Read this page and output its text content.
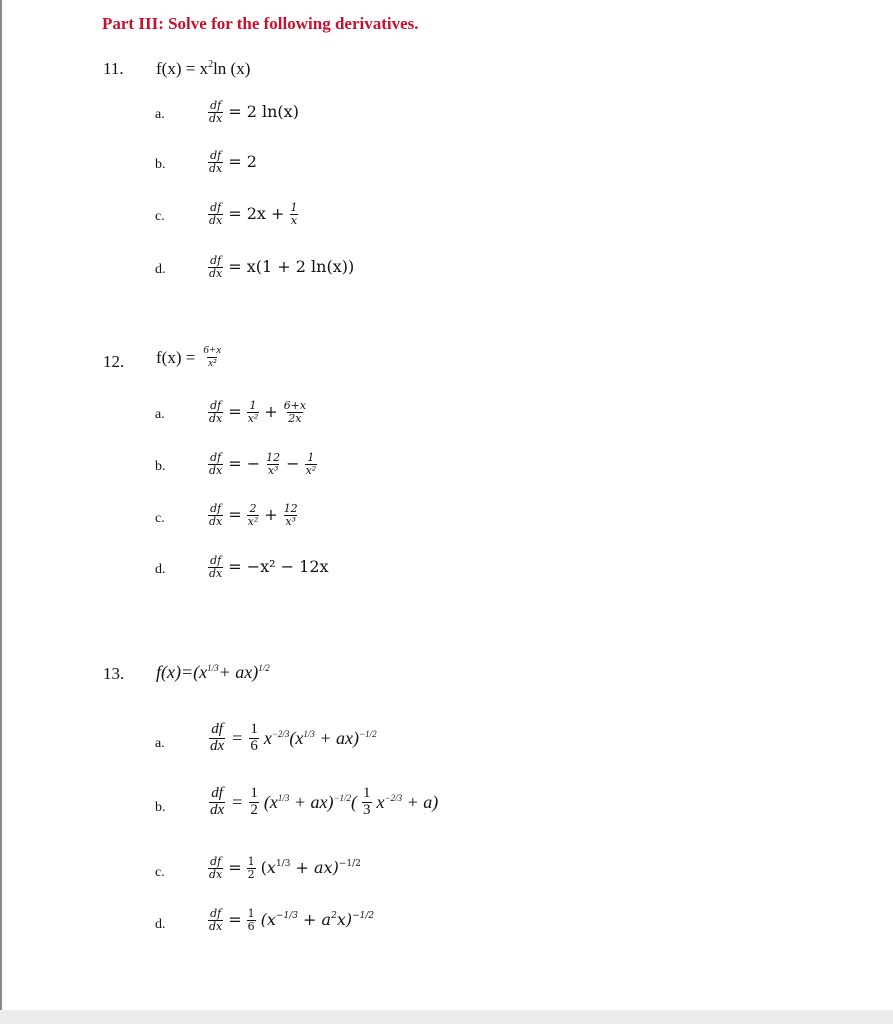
Part III: Solve for the following derivatives.
11. $f(x) = x^2\ln$ (x)
a.	$\frac{df}{dx} = 2$ ln(x)
b.	$\frac{df}{dx} = 2$
c.	$\frac{df}{dx} = 2x + \frac{1}{x}$
d.	$\frac{df}{dx} = x(1 + 2$ ln(x))
12. $f(x) = \frac{6+x}{\text{x²}}$
a.	$\frac{df}{dx} = \frac{1}{\text{x²}} + \frac{6+x}{2x}$
b.	$\frac{df}{dx}$ = − $\frac{12}{\text{x³}} - \frac{1}{\text{x²}}$
c.	$\frac{df}{dx} = \frac{2}{\text{x²}} + \frac{12}{\text{x³}}$
d.	$\frac{df}{dx} = -x^2 - 12x$
13. $f(x)=(x^{1/3}+ ax)^{1/2}$
a.	$\frac{df}{dx} = \frac{1}{6} x^{-2/3}(x^{1/3} + ax)^{-1/2}$
b.	$\frac{df}{dx} = \frac{1}{2} (x^{1/3} + ax)^{-1/2}( \frac{1}{3} x^{-2/3} + a)$
c.	$\frac{df}{dx} = \frac{1}{2} (x^{1/3} + ax)^{-1/2}$
d.	$\frac{df}{dx} = \frac{1}{6} (x^{-1/3} + a^2x)^{-1/2}$
